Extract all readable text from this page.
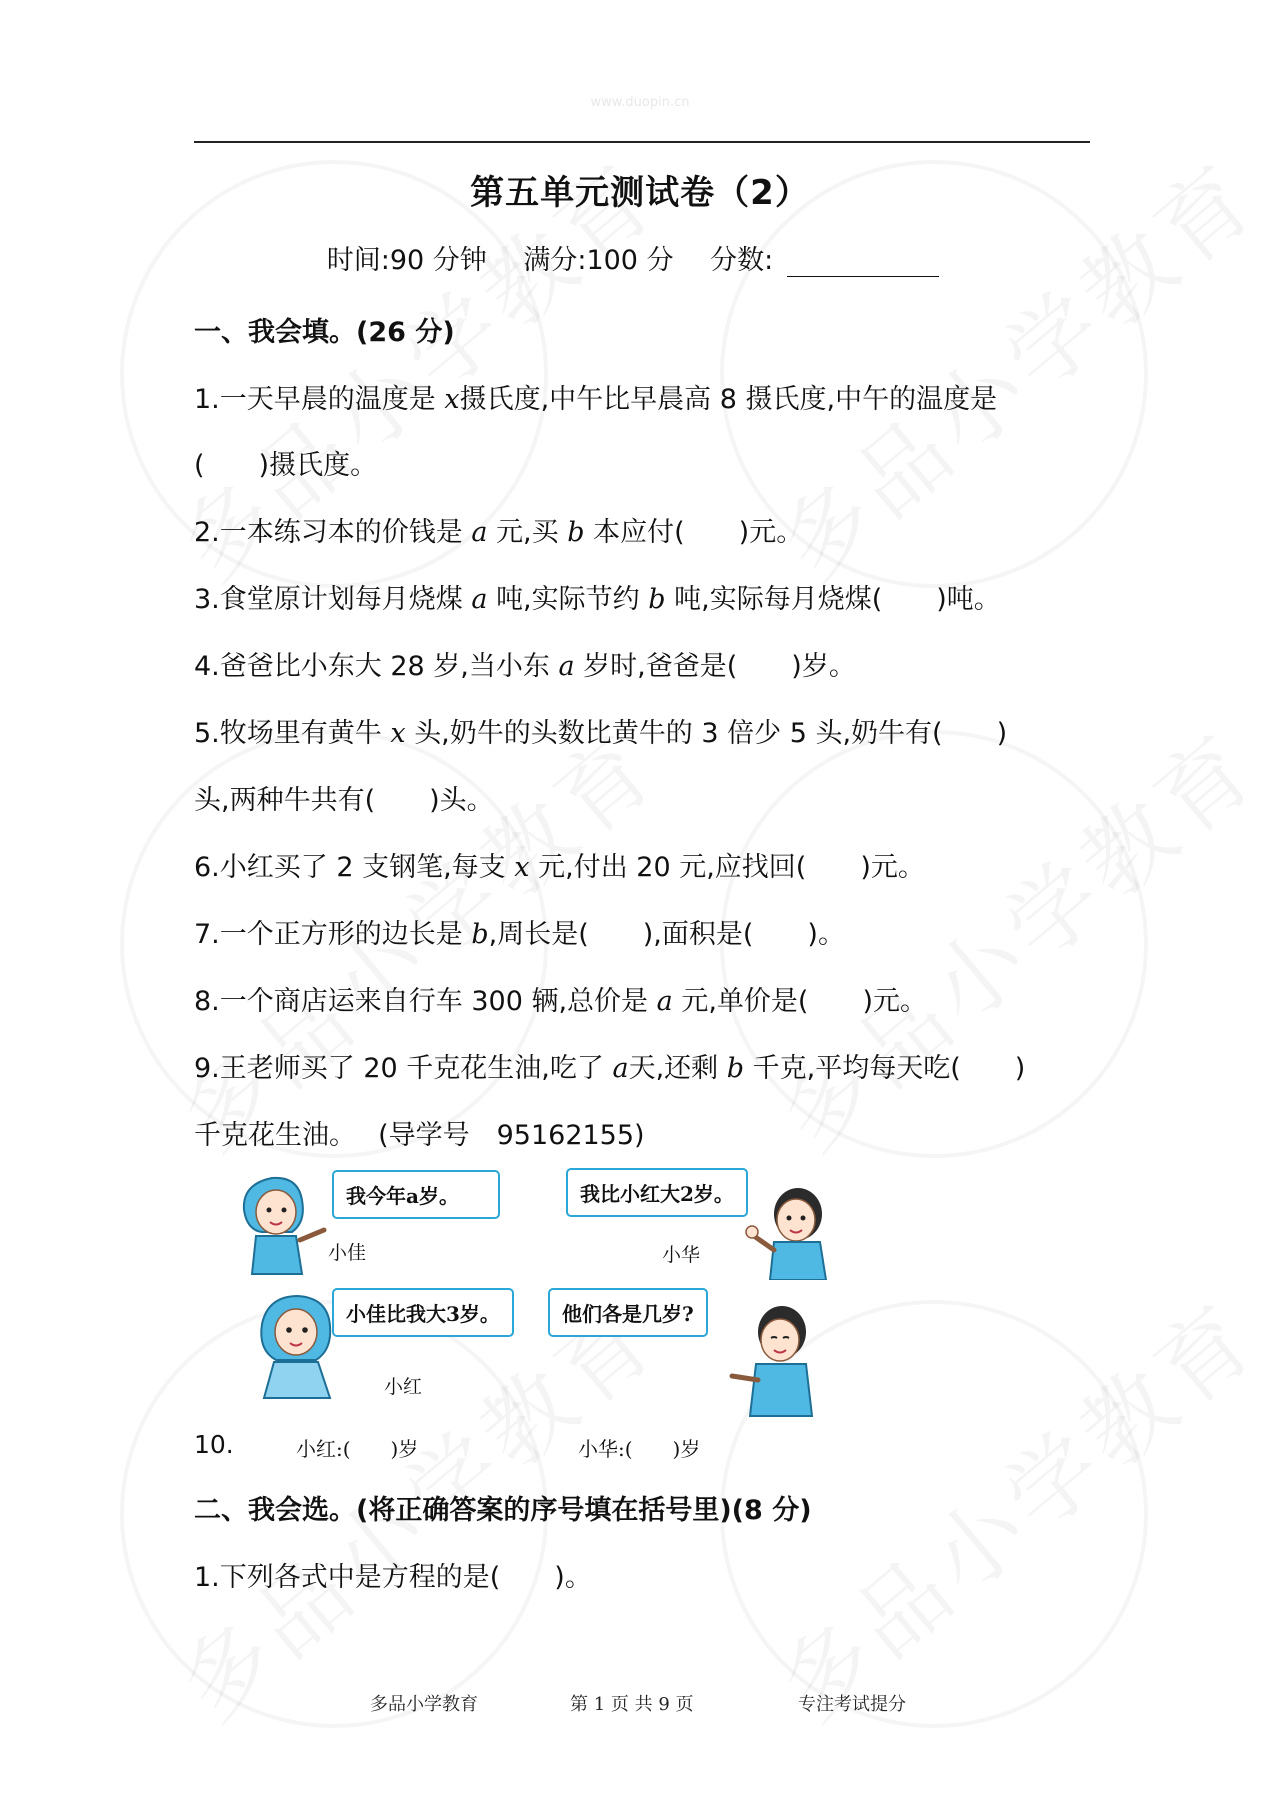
www.duopin.cn
第五单元测试卷（2）
时间:90 分钟 满分:100 分 分数:
一、我会填。(26 分)
1.一天早晨的温度是 x摄氏度,中午比早晨高 8 摄氏度,中午的温度是
(　　)摄氏度。
2.一本练习本的价钱是 a 元,买 b 本应付(　　)元。
3.食堂原计划每月烧煤 a 吨,实际节约 b 吨,实际每月烧煤(　　)吨。
4.爸爸比小东大 28 岁,当小东 a 岁时,爸爸是(　　)岁。
5.牧场里有黄牛 x 头,奶牛的头数比黄牛的 3 倍少 5 头,奶牛有(　　)
头,两种牛共有(　　)头。
6.小红买了 2 支钢笔,每支 x 元,付出 20 元,应找回(　　)元。
7.一个正方形的边长是 b,周长是(　　),面积是(　　)。
8.一个商店运来自行车 300 辆,总价是 a 元,单价是(　　)元。
9.王老师买了 20 千克花生油,吃了 a天,还剩 b 千克,平均每天吃(　　)
千克花生油。　 (导学号　95162155)
我今年a岁。
小佳
我比小红大2岁。
小华
小佳比我大3岁。
小红
他们各是几岁?
10.	小红:(　　)岁	小华:(　　)岁
二、我会选。(将正确答案的序号填在括号里)(8 分)
1.下列各式中是方程的是(　　)。
多品小学教育	第 1 页 共 9 页	专注考试提分
